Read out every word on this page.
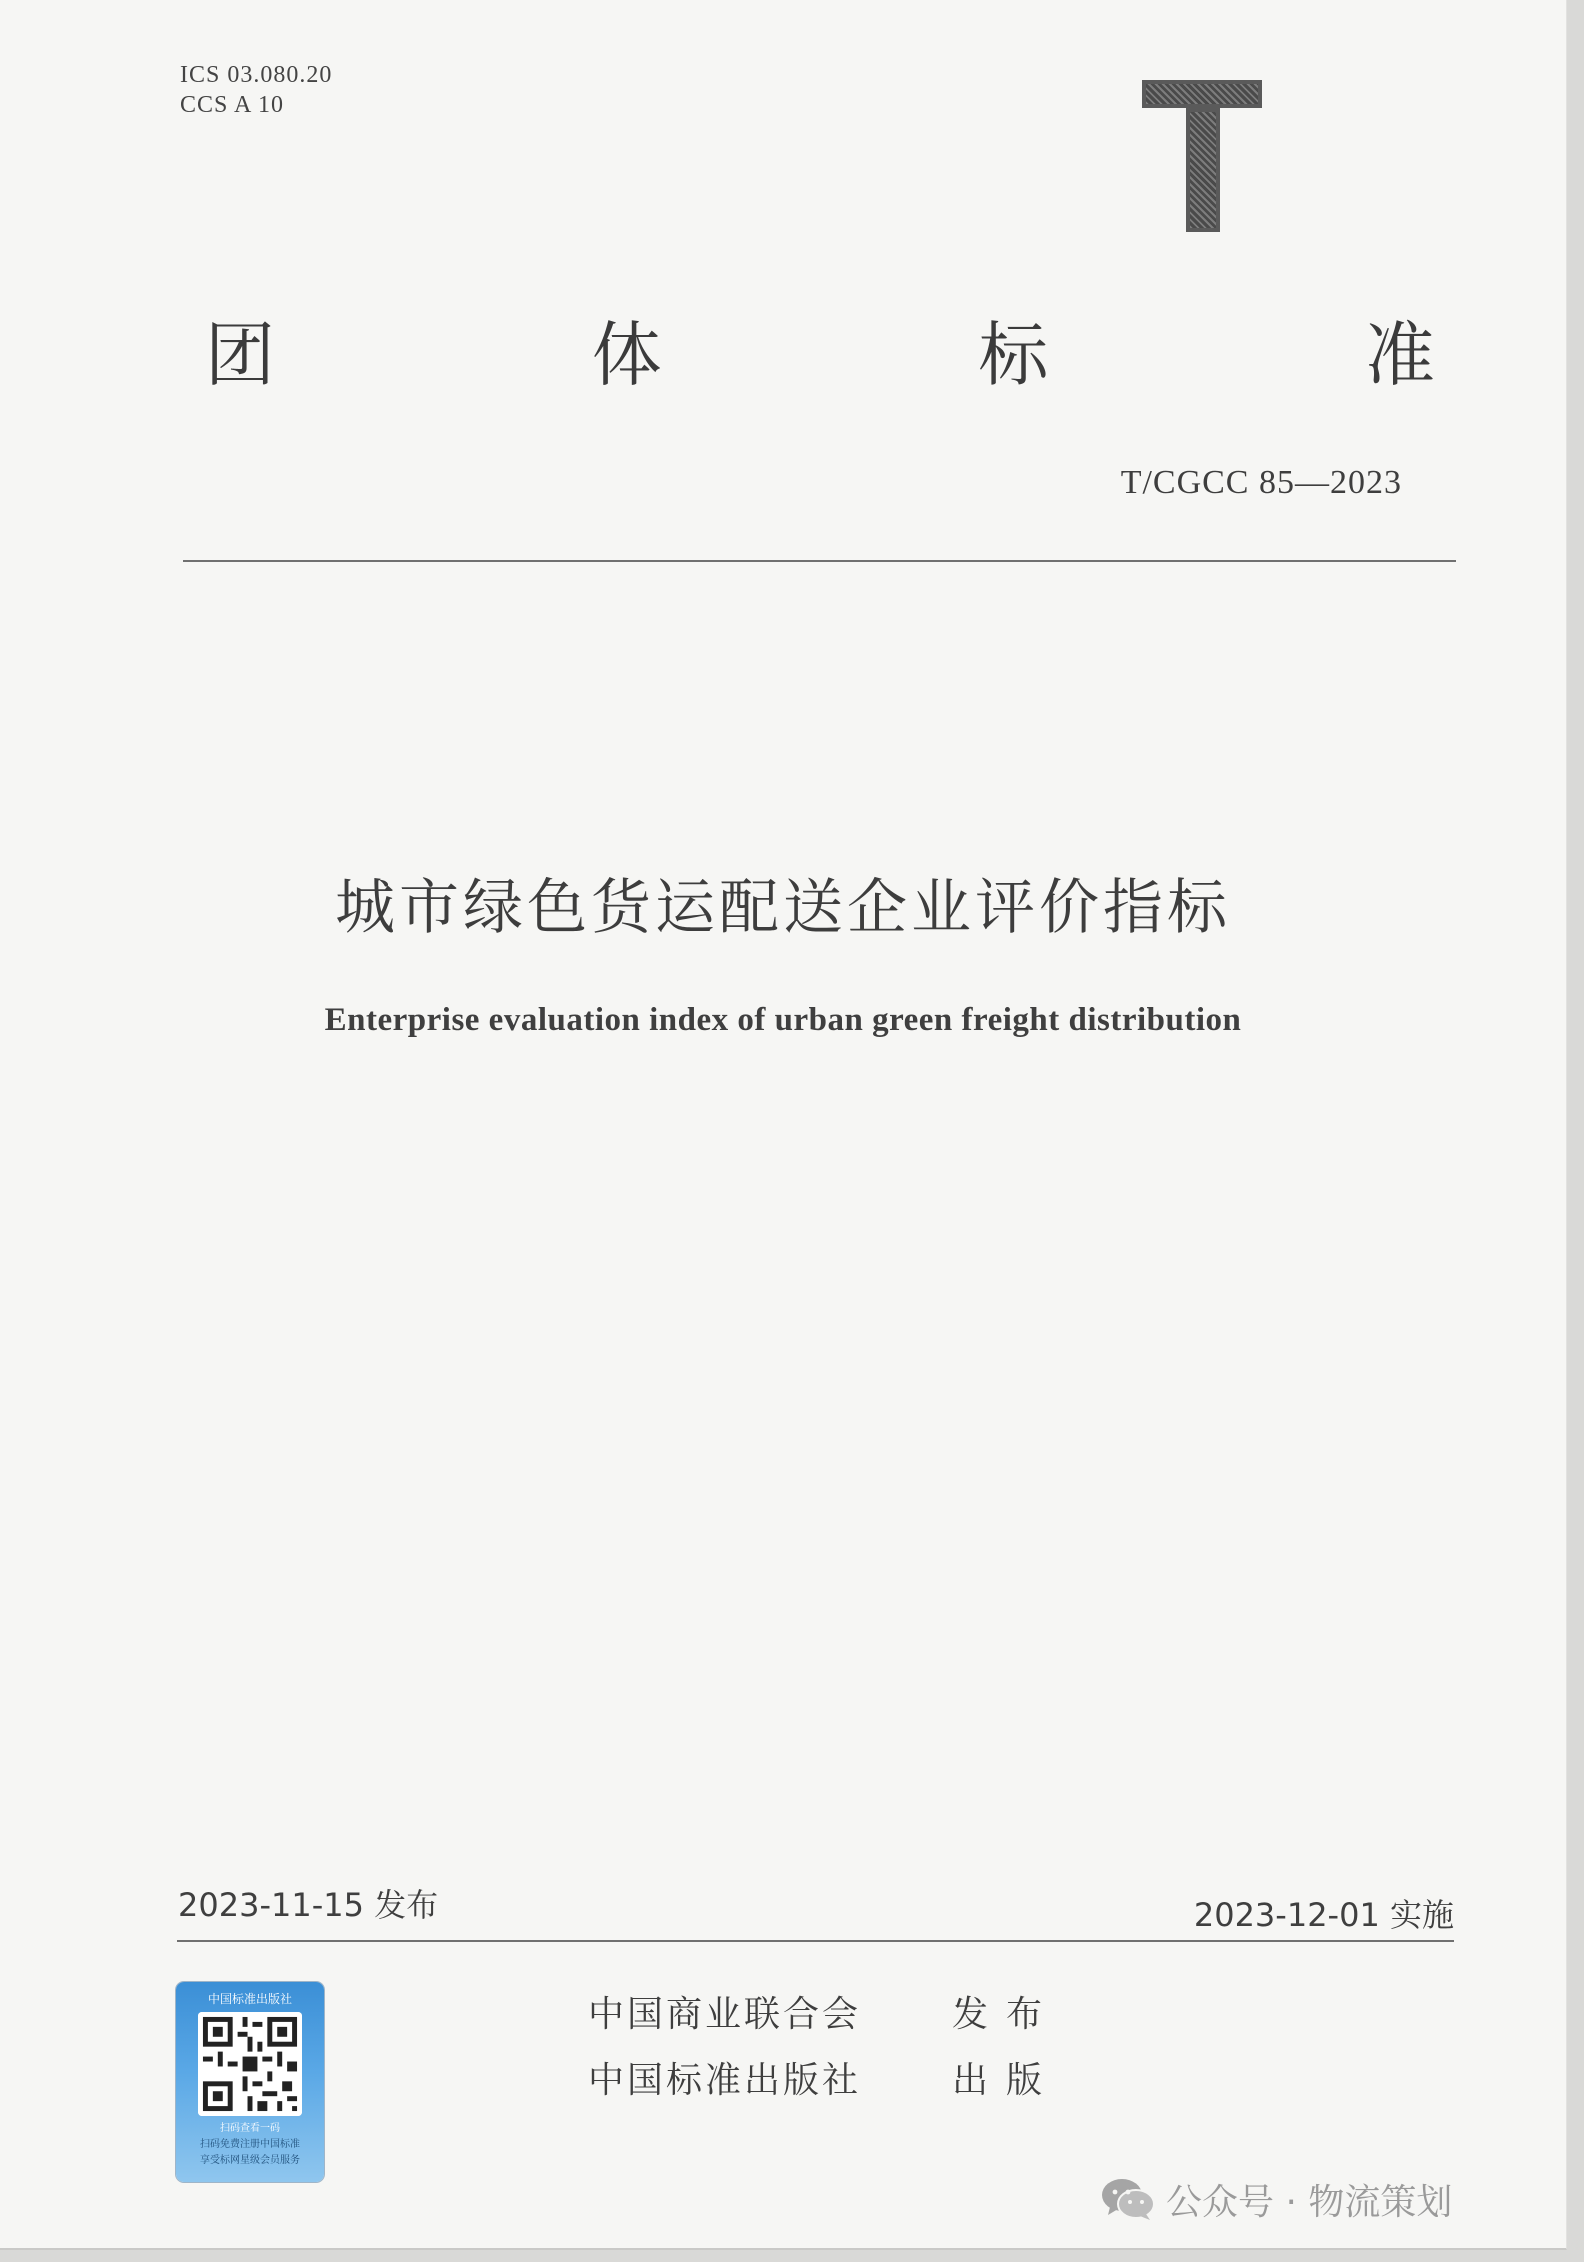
ICS 03.080.20
CCS A 10
团	体	标	准
T/CGCC 85—2023
城市绿色货运配送企业评价指标
Enterprise evaluation index of urban green freight distribution
2023-11-15 发布	2023-12-01 实施
中国标准出版社
扫码查看一码
扫码免费注册中国标准
享受标网星级会员服务
中国商业联合会	发布
中国标准出版社	出版
公众号 · 物流策划
